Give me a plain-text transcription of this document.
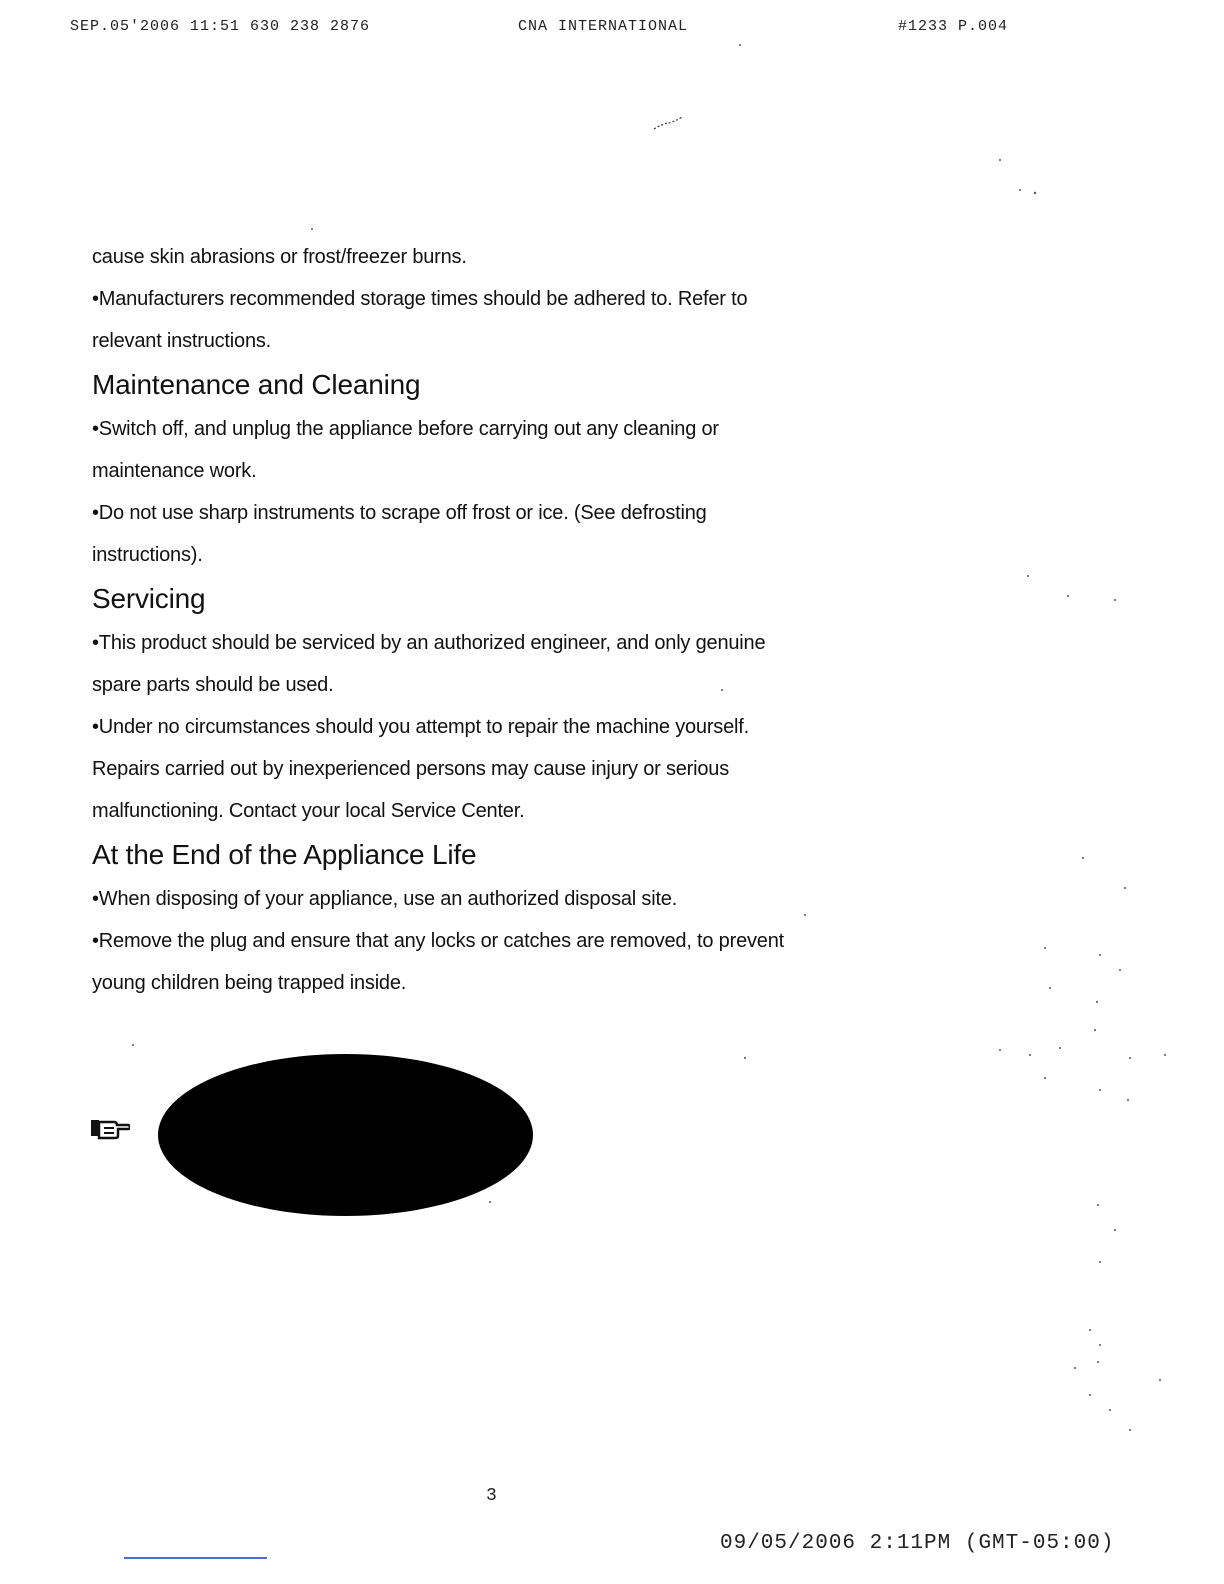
SEP.05'2006 11:51 630 238 2876	CNA INTERNATIONAL	#1233 P.004

cause skin abrasions or frost/freezer burns.

•Manufacturers recommended storage times should be adhered to. Refer to

relevant instructions.

Maintenance and Cleaning

•Switch off, and unplug the appliance before carrying out any cleaning or

maintenance work.

•Do not use sharp instruments to scrape off frost or ice. (See defrosting

instructions).

Servicing

•This product should be serviced by an authorized engineer, and only genuine

spare parts should be used.

•Under no circumstances should you attempt to repair the machine yourself.

Repairs carried out by inexperienced persons may cause injury or serious

malfunctioning. Contact your local Service Center.

At the End of the Appliance Life

•When disposing of your appliance, use an authorized disposal site.

•Remove the plug and ensure that any locks or catches are removed, to prevent

young children being trapped inside.

3
09/05/2006 2:11PM (GMT-05:00)
